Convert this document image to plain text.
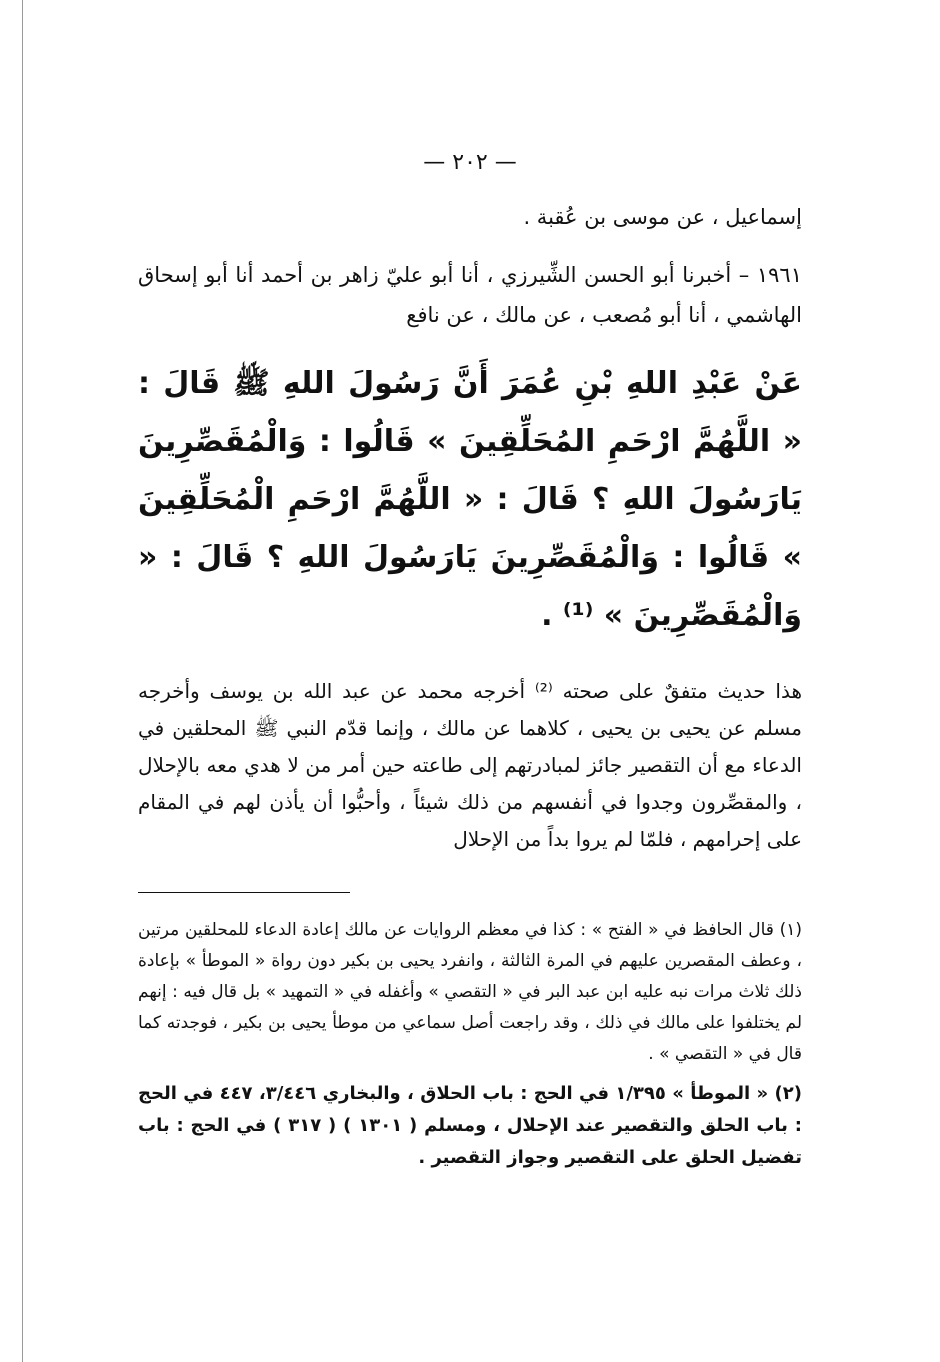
— ٢٠٢ —

إسماعيل ، عن موسى بن عُقبة .

١٩٦١ – أخبرنا أبو الحسن الشِّيرزي ، أنا أبو عليّ زاهر بن أحمد أنا أبو إسحاق الهاشمي ، أنا أبو مُصعب ، عن مالك ، عن نافع

عَنْ عَبْدِ اللهِ بْنِ عُمَرَ أَنَّ رَسُولَ اللهِ ﷺ قَالَ : « اللَّهُمَّ ارْحَمِ المُحَلِّقِينَ » قَالُوا : وَالْمُقَصِّرِينَ يَارَسُولَ اللهِ ؟ قَالَ : « اللَّهُمَّ ارْحَمِ الْمُحَلِّقِينَ » قَالُوا : وَالْمُقَصِّرِينَ يَارَسُولَ اللهِ ؟ قَالَ : « وَالْمُقَصِّرِينَ » ⁽¹⁾ .

هذا حديث متفقٌ على صحته ⁽²⁾ أخرجه محمد عن عبد الله بن يوسف وأخرجه مسلم عن يحيى بن يحيى ، كلاهما عن مالك ، وإنما قدّم النبي ﷺ المحلقين في الدعاء مع أن التقصير جائز لمبادرتهم إلى طاعته حين أمر من لا هدي معه بالإحلال ، والمقصِّرون وجدوا في أنفسهم من ذلك شيئاً ، وأحبُّوا أن يأذن لهم في المقام على إحرامهم ، فلمّا لم يروا بداً من الإحلال

(١) قال الحافظ في « الفتح » : كذا في معظم الروايات عن مالك إعادة الدعاء للمحلقين مرتين ، وعطف المقصرين عليهم في المرة الثالثة ، وانفرد يحيى بن بكير دون رواة « الموطأ » بإعادة ذلك ثلاث مرات نبه عليه ابن عبد البر في « التقصي » وأغفله في « التمهيد » بل قال فيه : إنهم لم يختلفوا على مالك في ذلك ، وقد راجعت أصل سماعي من موطأ يحيى بن بكير ، فوجدته كما قال في « التقصي » .

(٢) « الموطأ » ١/٣٩٥ في الحج : باب الحلاق ، والبخاري ٣/٤٤٦، ٤٤٧ في الحج : باب الحلق والتقصير عند الإحلال ، ومسلم ( ١٣٠١ ) ( ٣١٧ ) في الحج : باب تفضيل الحلق على التقصير وجواز التقصير .
